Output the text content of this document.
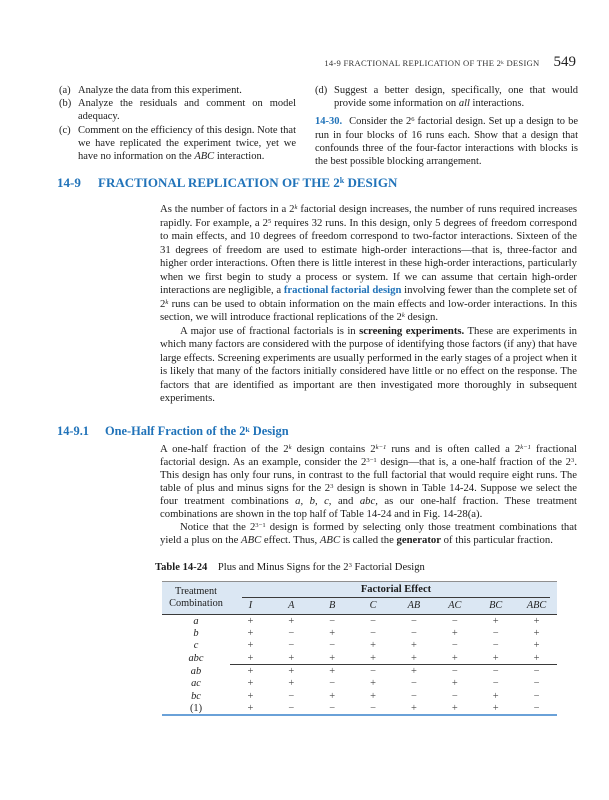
14-9 FRACTIONAL REPLICATION OF THE 2$^k$ DESIGN 549
(a) Analyze the data from this experiment.
(b) Analyze the residuals and comment on model adequacy.
(c) Comment on the efficiency of this design. Note that we have replicated the experiment twice, yet we have no information on the ABC interaction.
(d) Suggest a better design, specifically, one that would provide some information on all interactions.
14-30. Consider the $2^6$ factorial design. Set up a design to be run in four blocks of 16 runs each. Show that a design that confounds three of the four-factor interactions with blocks is the best possible blocking arrangement.
14-9	FRACTIONAL REPLICATION OF THE 2$^k$ DESIGN

As the number of factors in a 2$^k$ factorial design increases, the number of runs required increases rapidly. For example, a $2^5$ requires 32 runs. In this design, only 5 degrees of freedom correspond to main effects, and 10 degrees of freedom correspond to two-factor interactions. Sixteen of the 31 degrees of freedom are used to estimate high-order interactions—that is, three-factor and higher order interactions. Often there is little interest in these high-order interactions, particularly when we first begin to study a process or system. If we can assume that certain high-order interactions are negligible, a fractional factorial design involving fewer than the complete set of 2$^k$ runs can be used to obtain information on the main effects and low-order interactions. In this section, we will introduce fractional replications of the 2$^k$ design.

A major use of fractional factorials is in screening experiments. These are experiments in which many factors are considered with the purpose of identifying those factors (if any) that have large effects. Screening experiments are usually performed in the early stages of a project when it is likely that many of the factors initially considered have little or no effect on the response. The factors that are identified as important are then investigated more thoroughly in subsequent experiments.

14-9.1	One-Half Fraction of the 2$^k$ Design

A one-half fraction of the 2$^k$ design contains $2^{k-1}$ runs and is often called a $2^{k-1}$ fractional factorial design. As an example, consider the $2^{3-1}$ design—that is, a one-half fraction of the $2^3$. This design has only four runs, in contrast to the full factorial that would require eight runs. The table of plus and minus signs for the $2^3$ design is shown in Table 14-24. Suppose we select the four treatment combinations a, b, c, and abc, as our one-half fraction. These treatment combinations are shown in the top half of Table 14-24 and in Fig. 14-28(a).

Notice that the $2^{3-1}$ design is formed by selecting only those treatment combinations that yield a plus on the ABC effect. Thus, ABC is called the generator of this particular fraction.

Table 14-24    Plus and Minus Signs for the $2^3$ Factorial Design
Treatment
Combination	Factorial Effect							

	I	A	B	C	AB	AC	BC	ABC
a	+	+	−	−	−	−	+	+
b	+	−	+	−	−	+	−	+
c	+	−	−	+	+	−	−	+
abc	+	+	+	+	+	+	+	+
ab	+	+	+	−	+	−	−	−
ac	+	+	−	+	−	+	−	−
bc	+	−	+	+	−	−	+	−
(1)	+	−	−	−	+	+	+	−
